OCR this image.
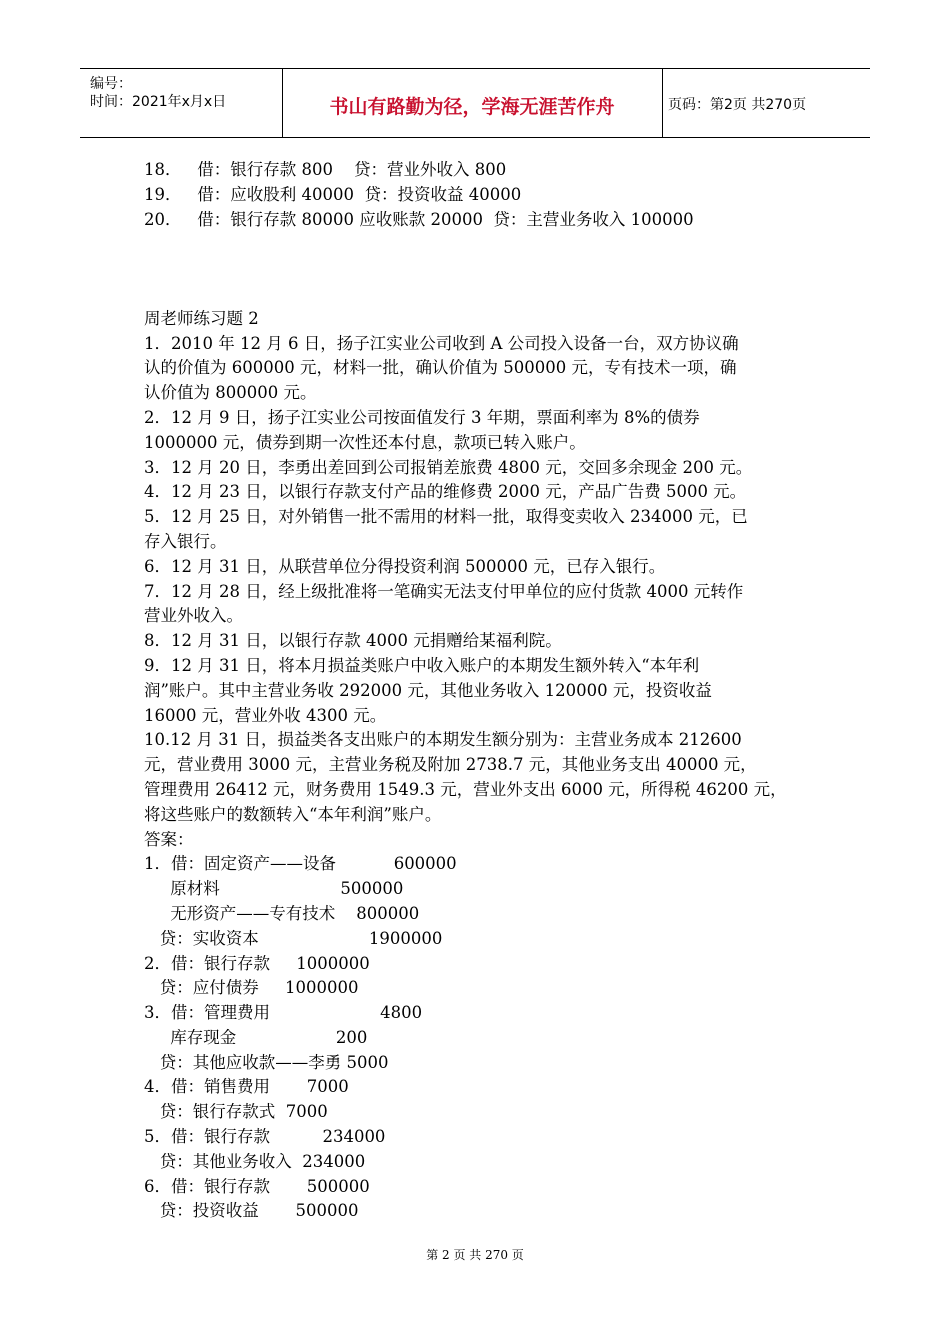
编号：
时间：2021年x月x日	书山有路勤为径，学海无涯苦作舟	页码：第2页 共270页
18．   借：银行存款 800    贷：营业外收入 800
19．   借：应收股利 40000  贷：投资收益 40000
20．   借：银行存款 80000 应收账款 20000  贷：主营业务收入 100000
周老师练习题 2
1．2010 年 12 月 6 日，扬子江实业公司收到 A 公司投入设备一台，双方协议确
认的价值为 600000 元，材料一批，确认价值为 500000 元，专有技术一项，确
认价值为 800000 元。
2．12 月 9 日，扬子江实业公司按面值发行 3 年期，票面利率为 8%的债券
1000000 元，债券到期一次性还本付息，款项已转入账户。
3．12 月 20 日，李勇出差回到公司报销差旅费 4800 元，交回多余现金 200 元。
4．12 月 23 日，以银行存款支付产品的维修费 2000 元，产品广告费 5000 元。
5．12 月 25 日，对外销售一批不需用的材料一批，取得变卖收入 234000 元，已
存入银行。
6．12 月 31 日，从联营单位分得投资利润 500000 元，已存入银行。
7．12 月 28 日，经上级批准将一笔确实无法支付甲单位的应付货款 4000 元转作
营业外收入。
8．12 月 31 日，以银行存款 4000 元捐赠给某福利院。
9．12 月 31 日，将本月损益类账户中收入账户的本期发生额外转入“本年利
润”账户。其中主营业务收 292000 元，其他业务收入 120000 元，投资收益
16000 元，营业外收 4300 元。
10.12 月 31 日，损益类各支出账户的本期发生额分别为：主营业务成本 212600
元，营业费用 3000 元，主营业务税及附加 2738.7 元，其他业务支出 40000 元，
管理费用 26412 元，财务费用 1549.3 元，营业外支出 6000 元，所得税 46200 元，
将这些账户的数额转入“本年利润”账户。
答案：
1．借：固定资产——设备           600000
原材料                       500000
无形资产——专有技术    800000
贷：实收资本                     1900000
2．借：银行存款     1000000
贷：应付债券     1000000
3．借：管理费用                     4800
库存现金                   200
贷：其他应收款——李勇 5000
4．借：销售费用       7000
贷：银行存款式  7000
5．借：银行存款          234000
贷：其他业务收入  234000
6．借：银行存款       500000
贷：投资收益       500000
第 2 页 共 270 页
